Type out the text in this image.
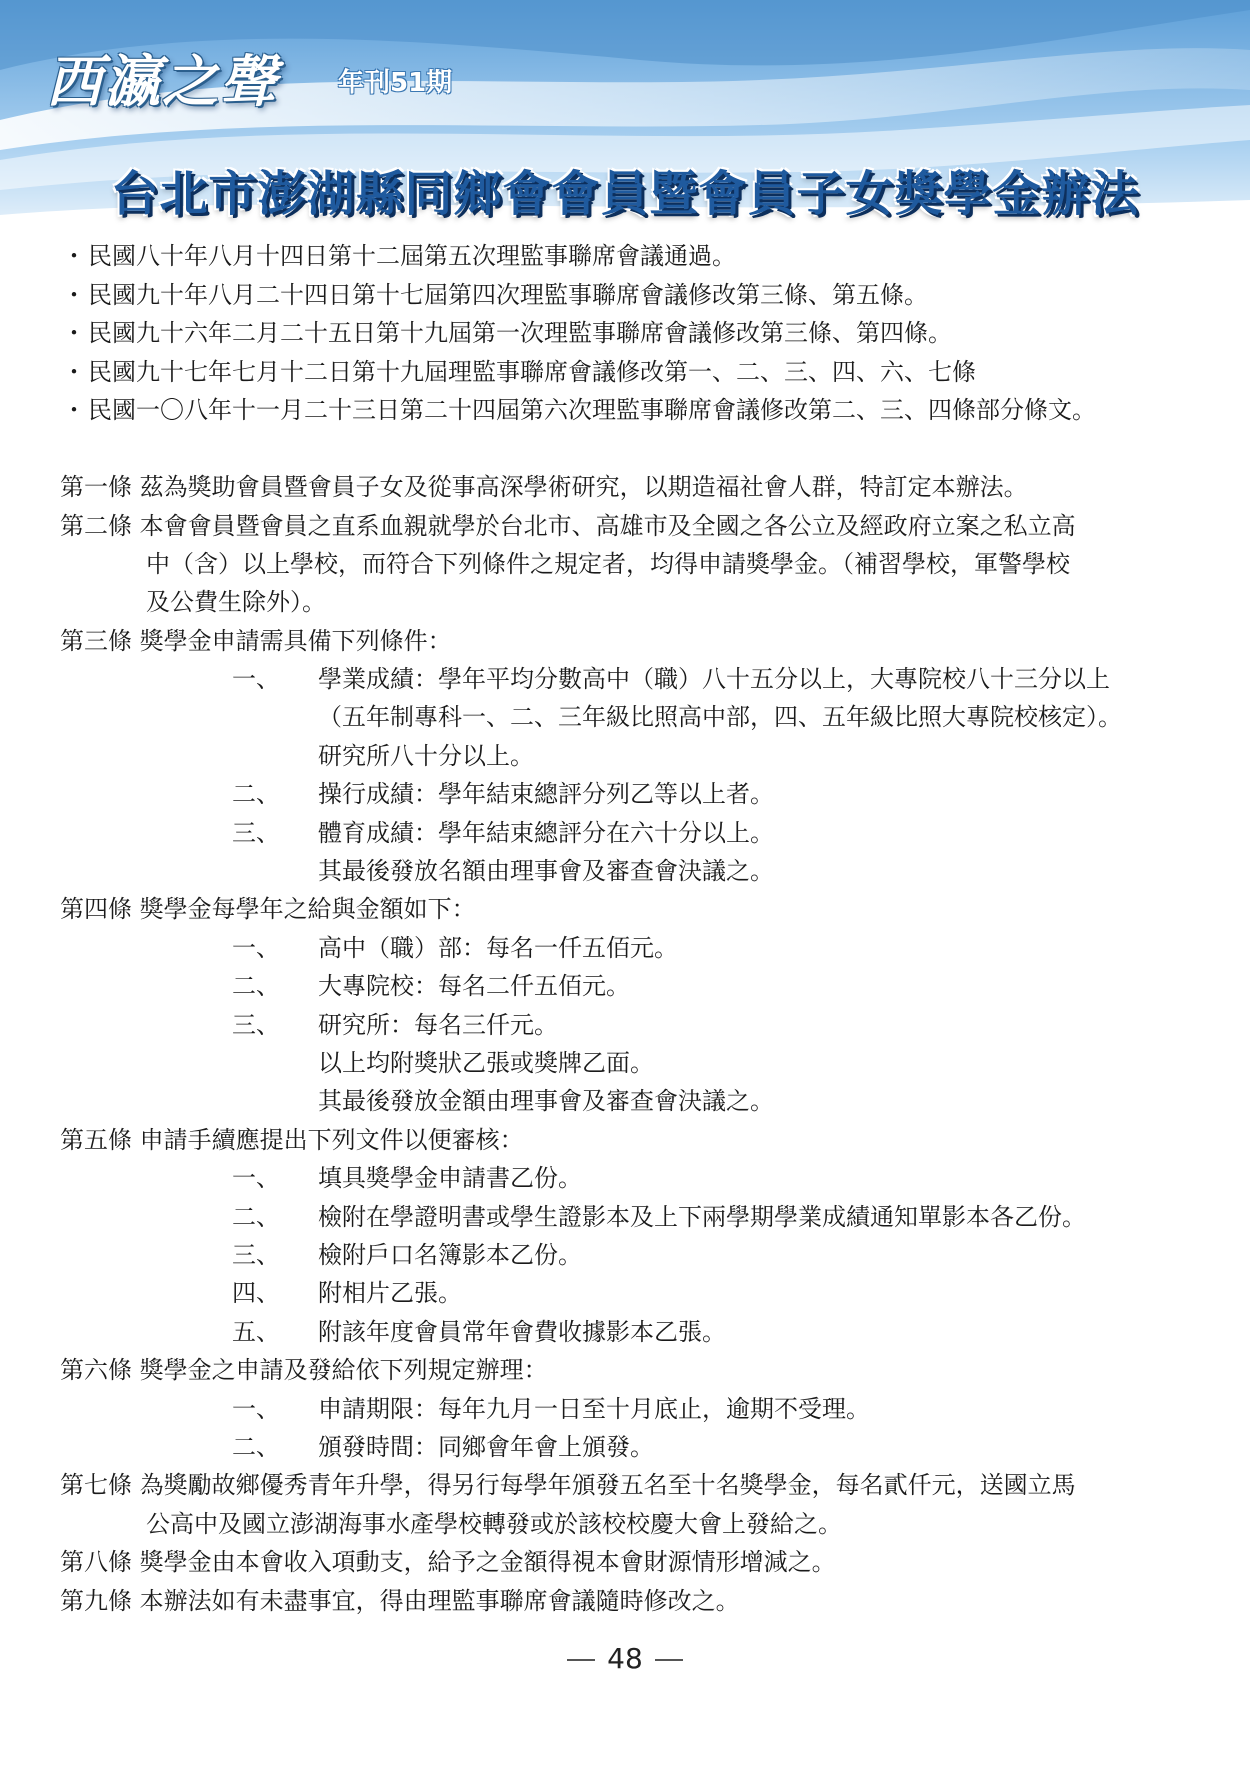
西瀛之聲 年刊51期
台北市澎湖縣同鄉會會員暨會員子女獎學金辦法
・民國八十年八月十四日第十二屆第五次理監事聯席會議通過。
・民國九十年八月二十四日第十七屆第四次理監事聯席會議修改第三條、第五條。
・民國九十六年二月二十五日第十九屆第一次理監事聯席會議修改第三條、第四條。
・民國九十七年七月十二日第十九屆理監事聯席會議修改第一、二、三、四、六、七條
・民國一〇八年十一月二十三日第二十四屆第六次理監事聯席會議修改第二、三、四條部分條文。
第一條 茲為獎助會員暨會員子女及從事高深學術研究，以期造福社會人群，特訂定本辦法。
第二條 本會會員暨會員之直系血親就學於台北市、高雄市及全國之各公立及經政府立案之私立高
中（含）以上學校，而符合下列條件之規定者，均得申請獎學金。（補習學校，軍警學校
及公費生除外）。
第三條 獎學金申請需具備下列條件：
一、 學業成績：學年平均分數高中（職）八十五分以上，大專院校八十三分以上
（五年制專科一、二、三年級比照高中部，四、五年級比照大專院校核定）。
研究所八十分以上。
二、 操行成績：學年結束總評分列乙等以上者。
三、 體育成績：學年結束總評分在六十分以上。
其最後發放名額由理事會及審查會決議之。
第四條 獎學金每學年之給與金額如下：
一、 高中（職）部：每名一仟五佰元。
二、 大專院校：每名二仟五佰元。
三、 研究所：每名三仟元。
以上均附獎狀乙張或獎牌乙面。
其最後發放金額由理事會及審查會決議之。
第五條 申請手續應提出下列文件以便審核：
一、 填具獎學金申請書乙份。
二、 檢附在學證明書或學生證影本及上下兩學期學業成績通知單影本各乙份。
三、 檢附戶口名簿影本乙份。
四、 附相片乙張。
五、 附該年度會員常年會費收據影本乙張。
第六條 獎學金之申請及發給依下列規定辦理：
一、 申請期限：每年九月一日至十月底止，逾期不受理。
二、 頒發時間：同鄉會年會上頒發。
第七條 為獎勵故鄉優秀青年升學，得另行每學年頒發五名至十名獎學金，每名貳仟元，送國立馬
公高中及國立澎湖海事水產學校轉發或於該校校慶大會上發給之。
第八條 獎學金由本會收入項動支，給予之金額得視本會財源情形增減之。
第九條 本辦法如有未盡事宜，得由理監事聯席會議隨時修改之。
48
